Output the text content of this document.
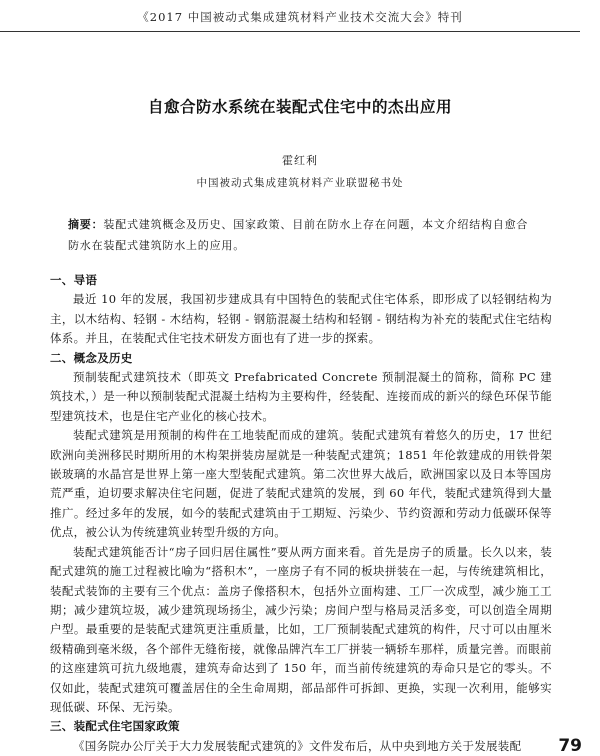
《2017 中国被动式集成建筑材料产业技术交流大会》特刊
自愈合防水系统在装配式住宅中的杰出应用
霍红利
中国被动式集成建筑材料产业联盟秘书处
摘要：装配式建筑概念及历史、国家政策、目前在防水上存在问题，本文介绍结构自愈合防水在装配式建筑防水上的应用。
一、导语

最近 10 年的发展，我国初步建成具有中国特色的装配式住宅体系，即形成了以轻钢结构为主，以木结构、轻钢 - 木结构，轻钢 - 钢筋混凝土结构和轻钢 - 钢结构为补充的装配式住宅结构体系。并且，在装配式住宅技术研发方面也有了进一步的探索。

二、概念及历史

预制装配式建筑技术（即英文 Prefabricated Concrete 预制混凝土的简称，简称 PC 建筑技术，）是一种以预制装配式混凝土结构为主要构件，经装配、连接而成的新兴的绿色环保节能型建筑技术，也是住宅产业化的核心技术。

装配式建筑是用预制的构件在工地装配而成的建筑。装配式建筑有着悠久的历史，17 世纪欧洲向美洲移民时期所用的木构架拼装房屋就是一种装配式建筑；1851 年伦敦建成的用铁骨架嵌玻璃的水晶宫是世界上第一座大型装配式建筑。第二次世界大战后，欧洲国家以及日本等国房荒严重，迫切要求解决住宅问题，促进了装配式建筑的发展，到 60 年代，装配式建筑得到大量推广。经过多年的发展，如今的装配式建筑由于工期短、污染少、节约资源和劳动力低碳环保等优点，被公认为传统建筑业转型升级的方向。

装配式建筑能否计“房子回归居住属性”要从两方面来看。首先是房子的质量。长久以来，装配式建筑的施工过程被比喻为“搭积木”，一座房子有不同的板块拼装在一起，与传统建筑相比，装配式装饰的主要有三个优点：盖房子像搭积木，包括外立面构建、工厂一次成型，减少施工工期；减少建筑垃圾，减少建筑现场扬尘，减少污染；房间户型与格局灵活多变，可以创造全周期户型。最重要的是装配式建筑更注重质量，比如，工厂预制装配式建筑的构件，尺寸可以由厘米级精确到毫米级，各个部件无缝衔接，就像品牌汽车工厂拼装一辆轿车那样，质量完善。而眼前的这座建筑可抗九级地震，建筑寿命达到了 150 年，而当前传统建筑的寿命只是它的零头。不仅如此，装配式建筑可覆盖居住的全生命周期，部品部件可拆卸、更换，实现一次利用，能够实现低碳、环保、无污染。

三、装配式住宅国家政策

《国务院办公厅关于大力发展装配式建筑的》文件发布后，从中央到地方关于发展装配	79
